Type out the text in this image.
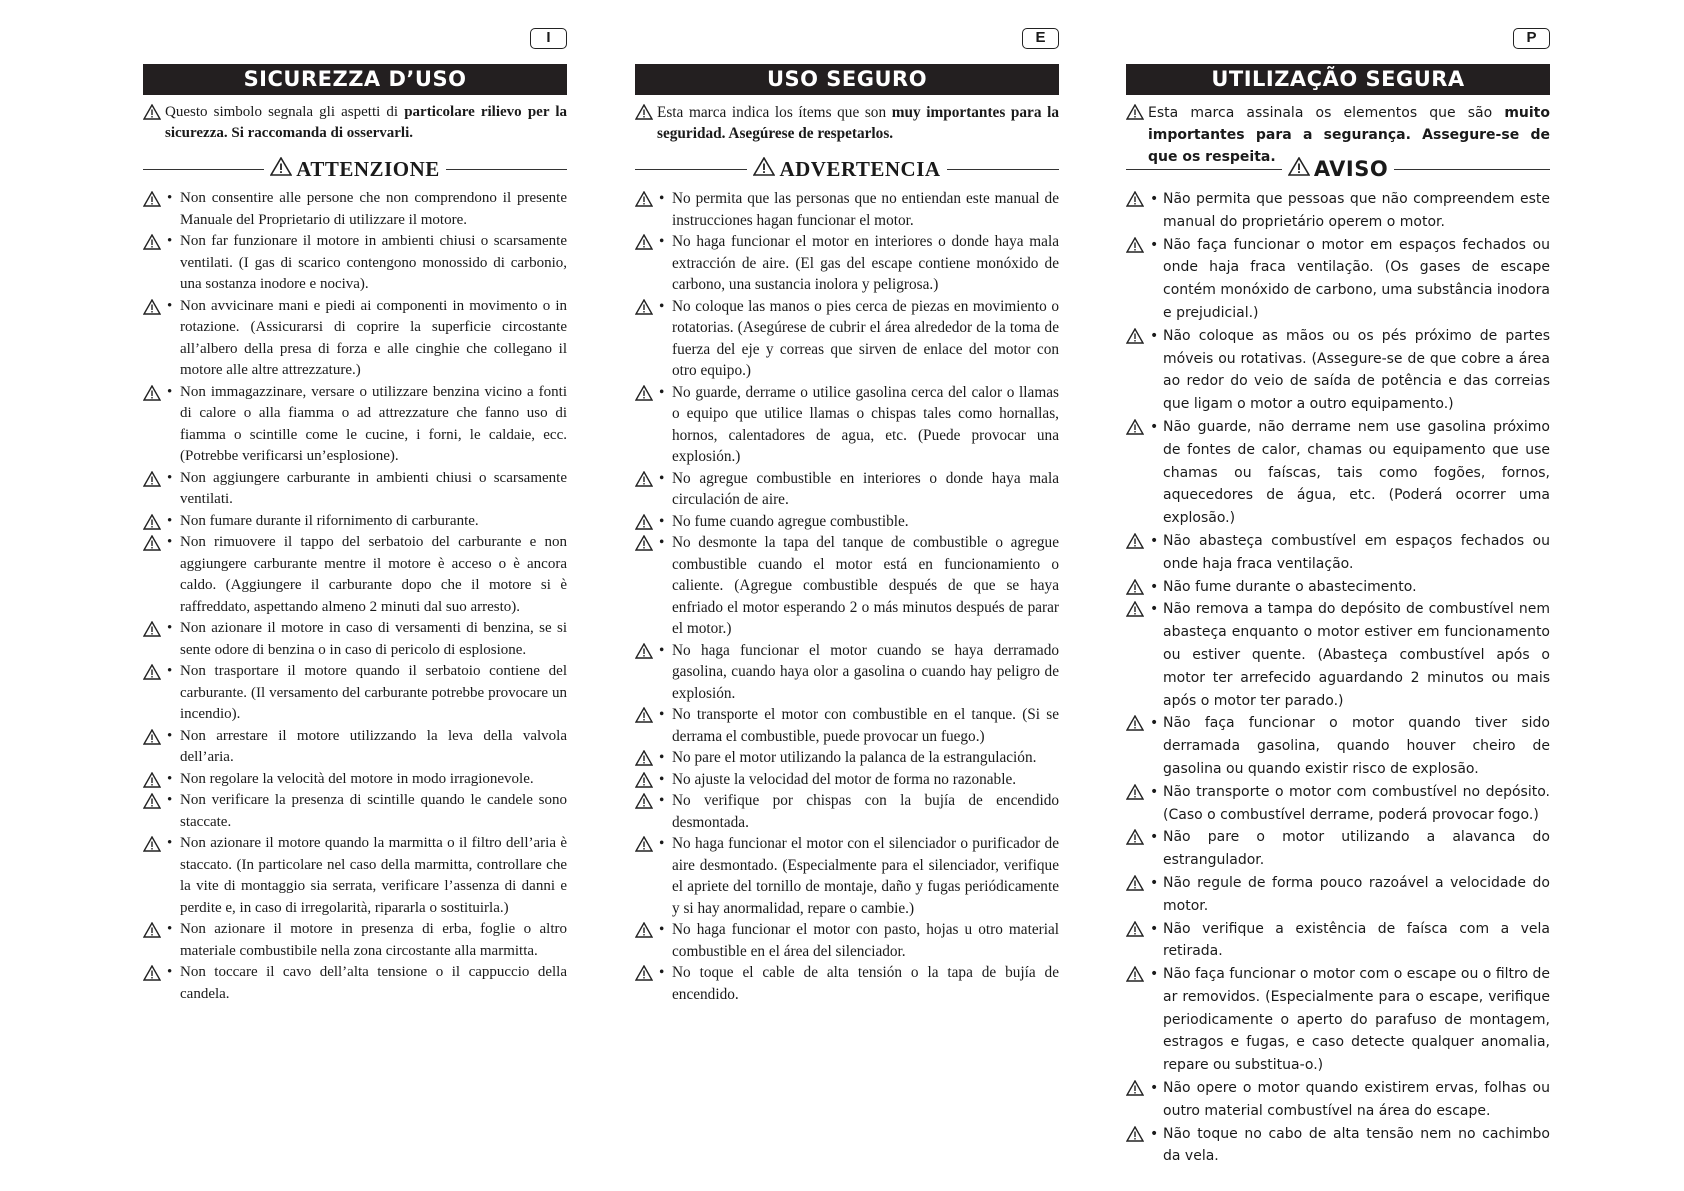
I
SICUREZZA D’USO
Questo simbolo segnala gli aspetti di particolare rilievo per la sicurezza. Si raccomanda di osservarli.
ATTENZIONE
• Non consentire alle persone che non comprendono il presente Manuale del Proprietario di utilizzare il motore.
• Non far funzionare il motore in ambienti chiusi o scarsamente ventilati. (I gas di scarico contengono monossido di carbonio, una sostanza inodore e nociva).
• Non avvicinare mani e piedi ai componenti in movimento o in rotazione. (Assicurarsi di coprire la superficie circostante all’albero della presa di forza e alle cinghie che collegano il motore alle altre attrezzature.)
• Non immagazzinare, versare o utilizzare benzina vicino a fonti di calore o alla fiamma o ad attrezzature che fanno uso di fiamma o scintille come le cucine, i forni, le caldaie, ecc. (Potrebbe verificarsi un’esplosione).
• Non aggiungere carburante in ambienti chiusi o scarsamente ventilati.
• Non fumare durante il rifornimento di carburante.
• Non rimuovere il tappo del serbatoio del carburante e non aggiungere carburante mentre il motore è acceso o è ancora caldo. (Aggiungere il carburante dopo che il motore si è raffreddato, aspettando almeno 2 minuti dal suo arresto).
• Non azionare il motore in caso di versamenti di benzina, se si sente odore di benzina o in caso di pericolo di esplosione.
• Non trasportare il motore quando il serbatoio contiene del carburante. (Il versamento del carburante potrebbe provocare un incendio).
• Non arrestare il motore utilizzando la leva della valvola dell’aria.
• Non regolare la velocità del motore in modo irragionevole.
• Non verificare la presenza di scintille quando le candele sono staccate.
• Non azionare il motore quando la marmitta o il filtro dell’aria è staccato. (In particolare nel caso della marmitta, controllare che la vite di montaggio sia serrata, verificare l’assenza di danni e perdite e, in caso di irregolarità, ripararla o sostituirla.)
• Non azionare il motore in presenza di erba, foglie o altro materiale combustibile nella zona circostante alla marmitta.
• Non toccare il cavo dell’alta tensione o il cappuccio della candela.
E
USO SEGURO
Esta marca indica los ítems que son muy importantes para la seguridad. Asegúrese de respetarlos.
ADVERTENCIA
• No permita que las personas que no entiendan este manual de instrucciones hagan funcionar el motor.
• No haga funcionar el motor en interiores o donde haya mala extracción de aire. (El gas del escape contiene monóxido de carbono, una sustancia inolora y peligrosa.)
• No coloque las manos o pies cerca de piezas en movimiento o rotatorias. (Asegúrese de cubrir el área alrededor de la toma de fuerza del eje y correas que sirven de enlace del motor con otro equipo.)
• No guarde, derrame o utilice gasolina cerca del calor o llamas o equipo que utilice llamas o chispas tales como hornallas, hornos, calentadores de agua, etc. (Puede provocar una explosión.)
• No agregue combustible en interiores o donde haya mala circulación de aire.
• No fume cuando agregue combustible.
• No desmonte la tapa del tanque de combustible o agregue combustible cuando el motor está en funcionamiento o caliente. (Agregue combustible después de que se haya enfriado el motor esperando 2 o más minutos después de parar el motor.)
• No haga funcionar el motor cuando se haya derramado gasolina, cuando haya olor a gasolina o cuando hay peligro de explosión.
• No transporte el motor con combustible en el tanque. (Si se derrama el combustible, puede provocar un fuego.)
• No pare el motor utilizando la palanca de la estrangulación.
• No ajuste la velocidad del motor de forma no razonable.
• No verifique por chispas con la bujía de encendido desmontada.
• No haga funcionar el motor con el silenciador o purificador de aire desmontado. (Especialmente para el silenciador, verifique el apriete del tornillo de montaje, daño y fugas periódicamente y si hay anormalidad, repare o cambie.)
• No haga funcionar el motor con pasto, hojas u otro material combustible en el área del silenciador.
• No toque el cable de alta tensión o la tapa de bujía de encendido.
P
UTILIZAÇÃO SEGURA
Esta marca assinala os elementos que são muito importantes para a segurança. Assegure-se de que os respeita.	AVISO
• Não permita que pessoas que não compreendem este manual do proprietário operem o motor.
• Não faça funcionar o motor em espaços fechados ou onde haja fraca ventilação. (Os gases de escape contém monóxido de carbono, uma substância inodora e prejudicial.)
• Não coloque as mãos ou os pés próximo de partes móveis ou rotativas. (Assegure-se de que cobre a área ao redor do veio de saída de potência e das correias que ligam o motor a outro equipamento.)
• Não guarde, não derrame nem use gasolina próximo de fontes de calor, chamas ou equipamento que use chamas ou faíscas, tais como fogões, fornos, aquecedores de água, etc. (Poderá ocorrer uma explosão.)
• Não abasteça combustível em espaços fechados ou onde haja fraca ventilação.
• Não fume durante o abastecimento.
• Não remova a tampa do depósito de combustível nem abasteça enquanto o motor estiver em funcionamento ou estiver quente. (Abasteça combustível após o motor ter arrefecido aguardando 2 minutos ou mais após o motor ter parado.)
• Não faça funcionar o motor quando tiver sido derramada gasolina, quando houver cheiro de gasolina ou quando existir risco de explosão.
• Não transporte o motor com combustível no depósito. (Caso o combustível derrame, poderá provocar fogo.)
• Não pare o motor utilizando a alavanca do estrangulador.
• Não regule de forma pouco razoável a velocidade do motor.
• Não verifique a existência de faísca com a vela retirada.
• Não faça funcionar o motor com o escape ou o filtro de ar removidos. (Especialmente para o escape, verifique periodicamente o aperto do parafuso de montagem, estragos e fugas, e caso detecte qualquer anomalia, repare ou substitua-o.)
• Não opere o motor quando existirem ervas, folhas ou outro material combustível na área do escape.
• Não toque no cabo de alta tensão nem no cachimbo da vela.
